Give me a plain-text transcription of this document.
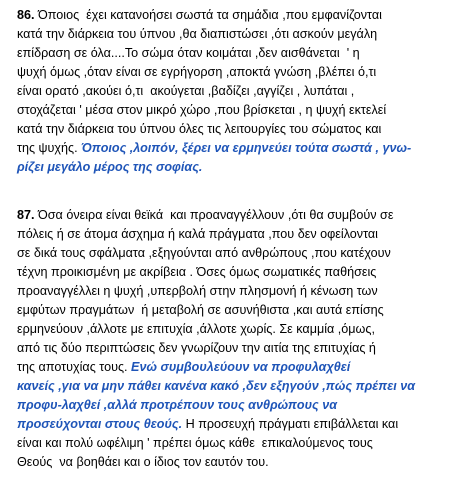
86. Όποιος  έχει κατανοήσει σωστά τα σημάδια ,που εμφανίζονται
κατά την διάρκεια του ύπνου ,θα διαπιστώσει ,ότι ασκούν μεγάλη
επίδραση σε όλα....Το σώμα όταν κοιμάται ,δεν αισθάνεται  ' η
ψυχή όμως ,όταν είναι σε εγρήγορση ,αποκτά γνώση ,βλέπει ό,τι
είναι ορατό ,ακούει ό,τι  ακούγεται ,βαδίζει ,αγγίζει , λυπάται ,
στοχάζεται ' μέσα στον μικρό χώρο ,που βρίσκεται , η ψυχή εκτελεί
κατά την διάρκεια του ύπνου όλες τις λειτουργίες του σώματος και
της ψυχής. Όποιος ,λοιπόν, ξέρει να ερμηνεύει τούτα σωστά , γνω-
ρίζει μεγάλο μέρος της σοφίας.
87. Όσα όνειρα είναι θεϊκά  και προαναγγέλλουν ,ότι θα συμβούν σε
πόλεις ή σε άτομα άσχημα ή καλά πράγματα ,που δεν οφείλονται
σε δικά τους σφάλματα ,εξηγούνται από ανθρώπους ,που κατέχουν
τέχνη προικισμένη με ακρίβεια . Όσες όμως σωματικές παθήσεις
προαναγγέλλει η ψυχή ,υπερβολή στην πλησμονή ή κένωση των
εμφύτων πραγμάτων  ή μεταβολή σε ασυνήθιστα ,και αυτά επίσης
ερμηνεύουν ,άλλοτε με επιτυχία ,άλλοτε χωρίς. Σε καμμία ,όμως,
από τις δύο περιπτώσεις δεν γνωρίζουν την αιτία της επιτυχίας ή
της αποτυχίας τους. Ενώ συμβουλεύουν να προφυλαχθεί
κανείς ,για να μην πάθει κανένα κακό ,δεν εξηγούν ,πώς πρέπει να
προφυ-λαχθεί ,αλλά προτρέπουν τους ανθρώπους να
προσεύχονται στους θεούς. Η προσευχή πράγματι επιβάλλεται και
είναι και πολύ ωφέλιμη ' πρέπει όμως κάθε  επικαλούμενος τους
Θεούς  να βοηθάει και ο ίδιος τον εαυτόν του.
